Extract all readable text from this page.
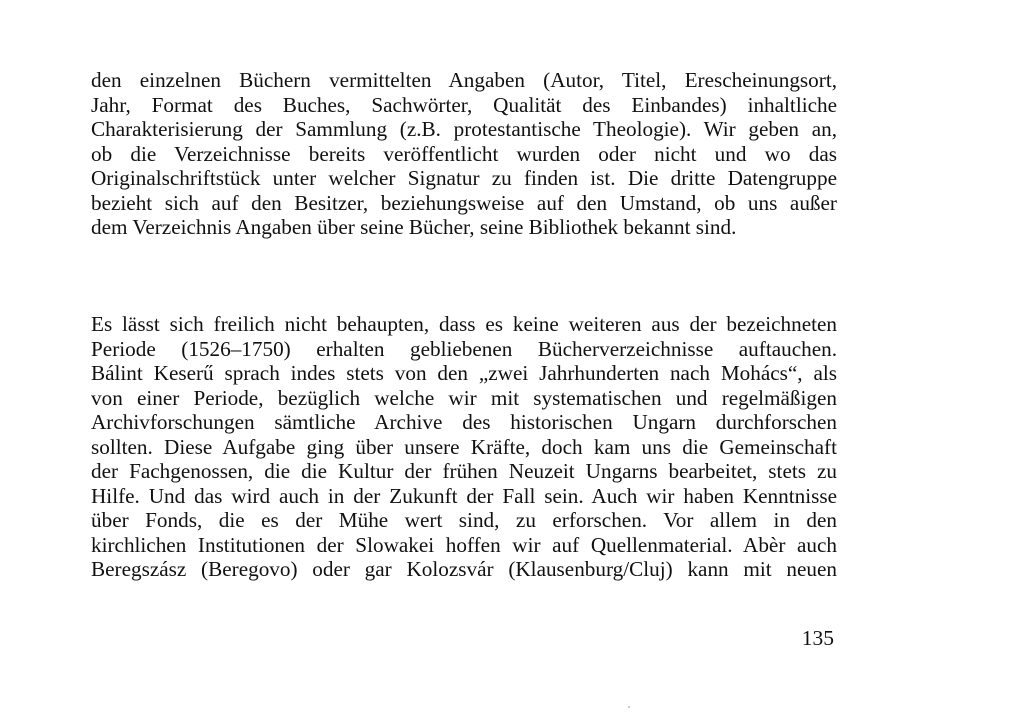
den einzelnen Büchern vermittelten Angaben (Autor, Titel, Erescheinungsort,
Jahr, Format des Buches, Sachwörter, Qualität des Einbandes) inhaltliche
Charakterisierung der Sammlung (z.B. protestantische Theologie). Wir geben an,
ob die Verzeichnisse bereits veröffentlicht wurden oder nicht und wo das
Originalschriftstück unter welcher Signatur zu finden ist. Die dritte Datengruppe
bezieht sich auf den Besitzer, beziehungsweise auf den Umstand, ob uns außer
dem Verzeichnis Angaben über seine Bücher, seine Bibliothek bekannt sind.
Es lässt sich freilich nicht behaupten, dass es keine weiteren aus der bezeichneten
Periode (1526–1750) erhalten gebliebenen Bücherverzeichnisse auftauchen.
Bálint Keserű sprach indes stets von den „zwei Jahrhunderten nach Mohács“, als
von einer Periode, bezüglich welche wir mit systematischen und regelmäßigen
Archivforschungen sämtliche Archive des historischen Ungarn durchforschen
sollten. Diese Aufgabe ging über unsere Kräfte, doch kam uns die Gemeinschaft
der Fachgenossen, die die Kultur der frühen Neuzeit Ungarns bearbeitet, stets zu
Hilfe. Und das wird auch in der Zukunft der Fall sein. Auch wir haben Kenntnisse
über Fonds, die es der Mühe wert sind, zu erforschen. Vor allem in den
kirchlichen Institutionen der Slowakei hoffen wir auf Quellenmaterial. Abèr auch
Beregszász (Beregovo) oder gar Kolozsvár (Klausenburg/Cluj) kann mit neuen
135
